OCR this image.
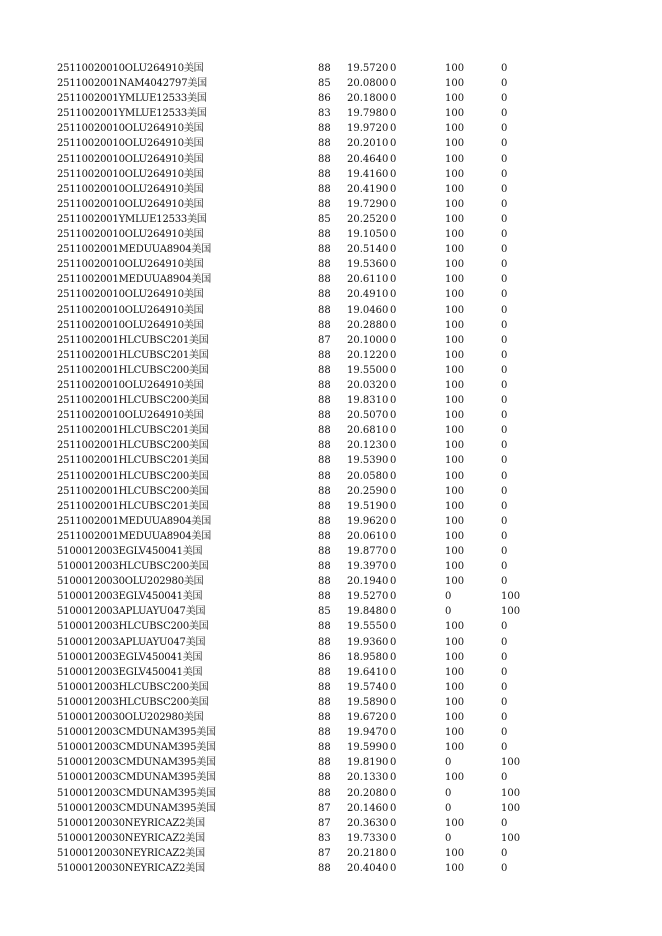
25110020010OLU264910美国	88 19.5720 0	100	0
2511002001NAM4042797美国	85 20.0800 0	100	0
2511002001YMLUE12533美国	86 20.1800 0	100	0
2511002001YMLUE12533美国	83 19.7980 0	100	0
25110020010OLU264910美国	88 19.9720 0	100	0
25110020010OLU264910美国	88 20.2010 0	100	0
25110020010OLU264910美国	88 20.4640 0	100	0
25110020010OLU264910美国	88 19.4160 0	100	0
25110020010OLU264910美国	88 20.4190 0	100	0
25110020010OLU264910美国	88 19.7290 0	100	0
2511002001YMLUE12533美国	85 20.2520 0	100	0
25110020010OLU264910美国	88 19.1050 0	100	0
2511002001MEDUUA8904美国	88 20.5140 0	100	0
25110020010OLU264910美国	88 19.5360 0	100	0
2511002001MEDUUA8904美国	88 20.6110 0	100	0
25110020010OLU264910美国	88 20.4910 0	100	0
25110020010OLU264910美国	88 19.0460 0	100	0
25110020010OLU264910美国	88 20.2880 0	100	0
2511002001HLCUBSC201美国	87 20.1000 0	100	0
2511002001HLCUBSC201美国	88 20.1220 0	100	0
2511002001HLCUBSC200美国	88 19.5500 0	100	0
25110020010OLU264910美国	88 20.0320 0	100	0
2511002001HLCUBSC200美国	88 19.8310 0	100	0
25110020010OLU264910美国	88 20.5070 0	100	0
2511002001HLCUBSC201美国	88 20.6810 0	100	0
2511002001HLCUBSC200美国	88 20.1230 0	100	0
2511002001HLCUBSC201美国	88 19.5390 0	100	0
2511002001HLCUBSC200美国	88 20.0580 0	100	0
2511002001HLCUBSC200美国	88 20.2590 0	100	0
2511002001HLCUBSC201美国	88 19.5190 0	100	0
2511002001MEDUUA8904美国	88 19.9620 0	100	0
2511002001MEDUUA8904美国	88 20.0610 0	100	0
5100012003EGLV450041美国	88 19.8770 0	100	0
5100012003HLCUBSC200美国	88 19.3970 0	100	0
51000120030OLU202980美国	88 20.1940 0	100	0
5100012003EGLV450041美国	88 19.5270 0	0	100
5100012003APLUAYU047美国	85 19.8480 0	0	100
5100012003HLCUBSC200美国	88 19.5550 0	100	0
5100012003APLUAYU047美国	88 19.9360 0	100	0
5100012003EGLV450041美国	86 18.9580 0	100	0
5100012003EGLV450041美国	88 19.6410 0	100	0
5100012003HLCUBSC200美国	88 19.5740 0	100	0
5100012003HLCUBSC200美国	88 19.5890 0	100	0
51000120030OLU202980美国	88 19.6720 0	100	0
5100012003CMDUNAM395美国	88 19.9470 0	100	0
5100012003CMDUNAM395美国	88 19.5990 0	100	0
5100012003CMDUNAM395美国	88 19.8190 0	0	100
5100012003CMDUNAM395美国	88 20.1330 0	100	0
5100012003CMDUNAM395美国	88 20.2080 0	0	100
5100012003CMDUNAM395美国	87 20.1460 0	0	100
51000120030NEYRICAZ2美国	87 20.3630 0	100	0
51000120030NEYRICAZ2美国	83 19.7330 0	0	100
51000120030NEYRICAZ2美国	87 20.2180 0	100	0
51000120030NEYRICAZ2美国	88 20.4040 0	100	0
